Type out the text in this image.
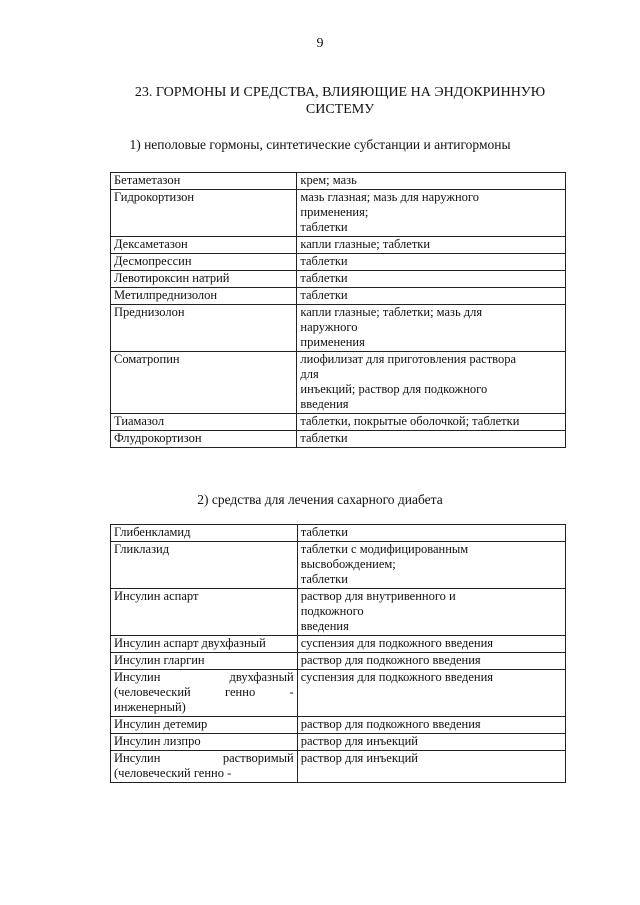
9
23. ГОРМОНЫ И СРЕДСТВА, ВЛИЯЮЩИЕ НА ЭНДОКРИННУЮ
СИСТЕМУ
1) неполовые гормоны, синтетические субстанции и антигормоны
Бетаметазон	крем; мазь

Гидрокортизон	мазь глазная; мазь для наружного
применения;
таблетки

Дексаметазон	капли глазные; таблетки

Десмопрессин	таблетки

Левотироксин натрий	таблетки

Метилпреднизолон	таблетки

Преднизолон	капли глазные; таблетки; мазь для
наружного
применения

Соматропин	лиофилизат для приготовления раствора
для
инъекций; раствор для подкожного
введения

Тиамазол	таблетки, покрытые оболочкой; таблетки

Флудрокортизон	таблетки
2) средства для лечения сахарного диабета
Глибенкламид	таблетки

Гликлазид	таблетки с модифицированным
высвобождением;
таблетки

Инсулин аспарт	раствор для внутривенного и
подкожного
введения

Инсулин аспарт двухфазный	суспензия для подкожного введения

Инсулин гларгин	раствор для подкожного введения

Инсулин двухфазный
(человеческий генно -
инженерный)	суспензия для подкожного введения

Инсулин детемир	раствор для подкожного введения

Инсулин лизпро	раствор для инъекций

Инсулин растворимый
(человеческий генно -	раствор для инъекций
